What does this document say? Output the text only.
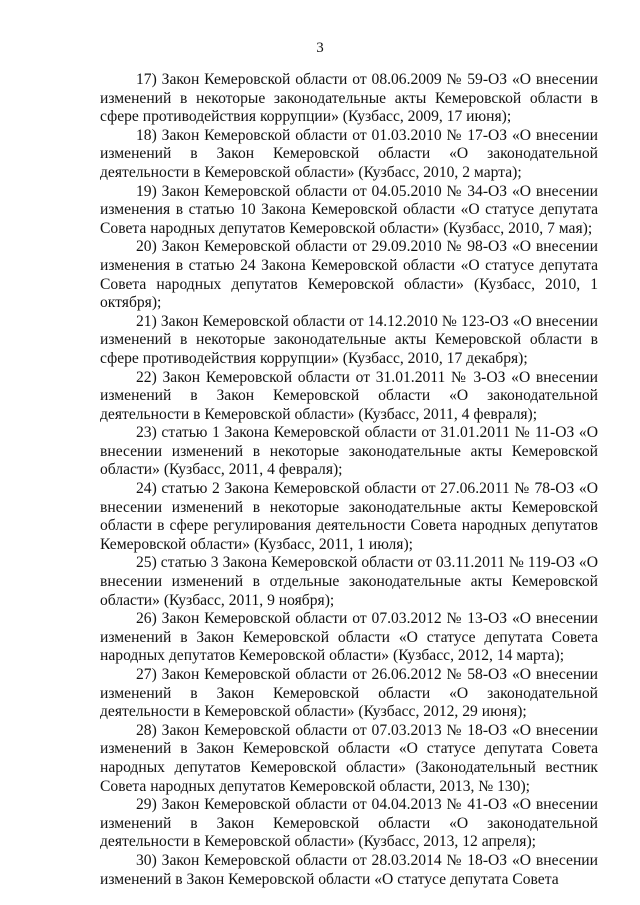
3

17) Закон Кемеровской области от 08.06.2009 № 59-ОЗ «О внесении изменений в некоторые законодательные акты Кемеровской области в сфере противодействия коррупции» (Кузбасс, 2009, 17 июня);

18) Закон Кемеровской области от 01.03.2010 № 17-ОЗ «О внесении изменений в Закон Кемеровской области «О законодательной деятельности в Кемеровской области» (Кузбасс, 2010, 2 марта);

19) Закон Кемеровской области от 04.05.2010 № 34-ОЗ «О внесении изменения в статью 10 Закона Кемеровской области «О статусе депутата Совета народных депутатов Кемеровской области» (Кузбасс, 2010, 7 мая);

20) Закон Кемеровской области от 29.09.2010 № 98-ОЗ «О внесении изменения в статью 24 Закона Кемеровской области «О статусе депутата Совета народных депутатов Кемеровской области» (Кузбасс, 2010, 1 октября);

21) Закон Кемеровской области от 14.12.2010 № 123-ОЗ «О внесении изменений в некоторые законодательные акты Кемеровской области в сфере противодействия коррупции» (Кузбасс, 2010, 17 декабря);

22) Закон Кемеровской области от 31.01.2011 № 3-ОЗ «О внесении изменений в Закон Кемеровской области «О законодательной деятельности в Кемеровской области» (Кузбасс, 2011, 4 февраля);

23) статью 1 Закона Кемеровской области от 31.01.2011 № 11-ОЗ «О внесении изменений в некоторые законодательные акты Кемеровской области» (Кузбасс, 2011, 4 февраля);

24) статью 2 Закона Кемеровской области от 27.06.2011 № 78-ОЗ «О внесении изменений в некоторые законодательные акты Кемеровской области в сфере регулирования деятельности Совета народных депутатов Кемеровской области» (Кузбасс, 2011, 1 июля);

25) статью 3 Закона Кемеровской области от 03.11.2011 № 119-ОЗ «О внесении изменений в отдельные законодательные акты Кемеровской области» (Кузбасс, 2011, 9 ноября);

26) Закон Кемеровской области от 07.03.2012 № 13-ОЗ «О внесении изменений в Закон Кемеровской области «О статусе депутата Совета народных депутатов Кемеровской области» (Кузбасс, 2012, 14 марта);

27) Закон Кемеровской области от 26.06.2012 № 58-ОЗ «О внесении изменений в Закон Кемеровской области «О законодательной деятельности в Кемеровской области» (Кузбасс, 2012, 29 июня);

28) Закон Кемеровской области от 07.03.2013 № 18-ОЗ «О внесении изменений в Закон Кемеровской области «О статусе депутата Совета народных депутатов Кемеровской области» (Законодательный вестник Совета народных депутатов Кемеровской области, 2013, № 130);

29) Закон Кемеровской области от 04.04.2013 № 41-ОЗ «О внесении изменений в Закон Кемеровской области «О законодательной деятельности в Кемеровской области» (Кузбасс, 2013, 12 апреля);

30) Закон Кемеровской области от 28.03.2014 № 18-ОЗ «О внесении изменений в Закон Кемеровской области «О статусе депутата Совета
